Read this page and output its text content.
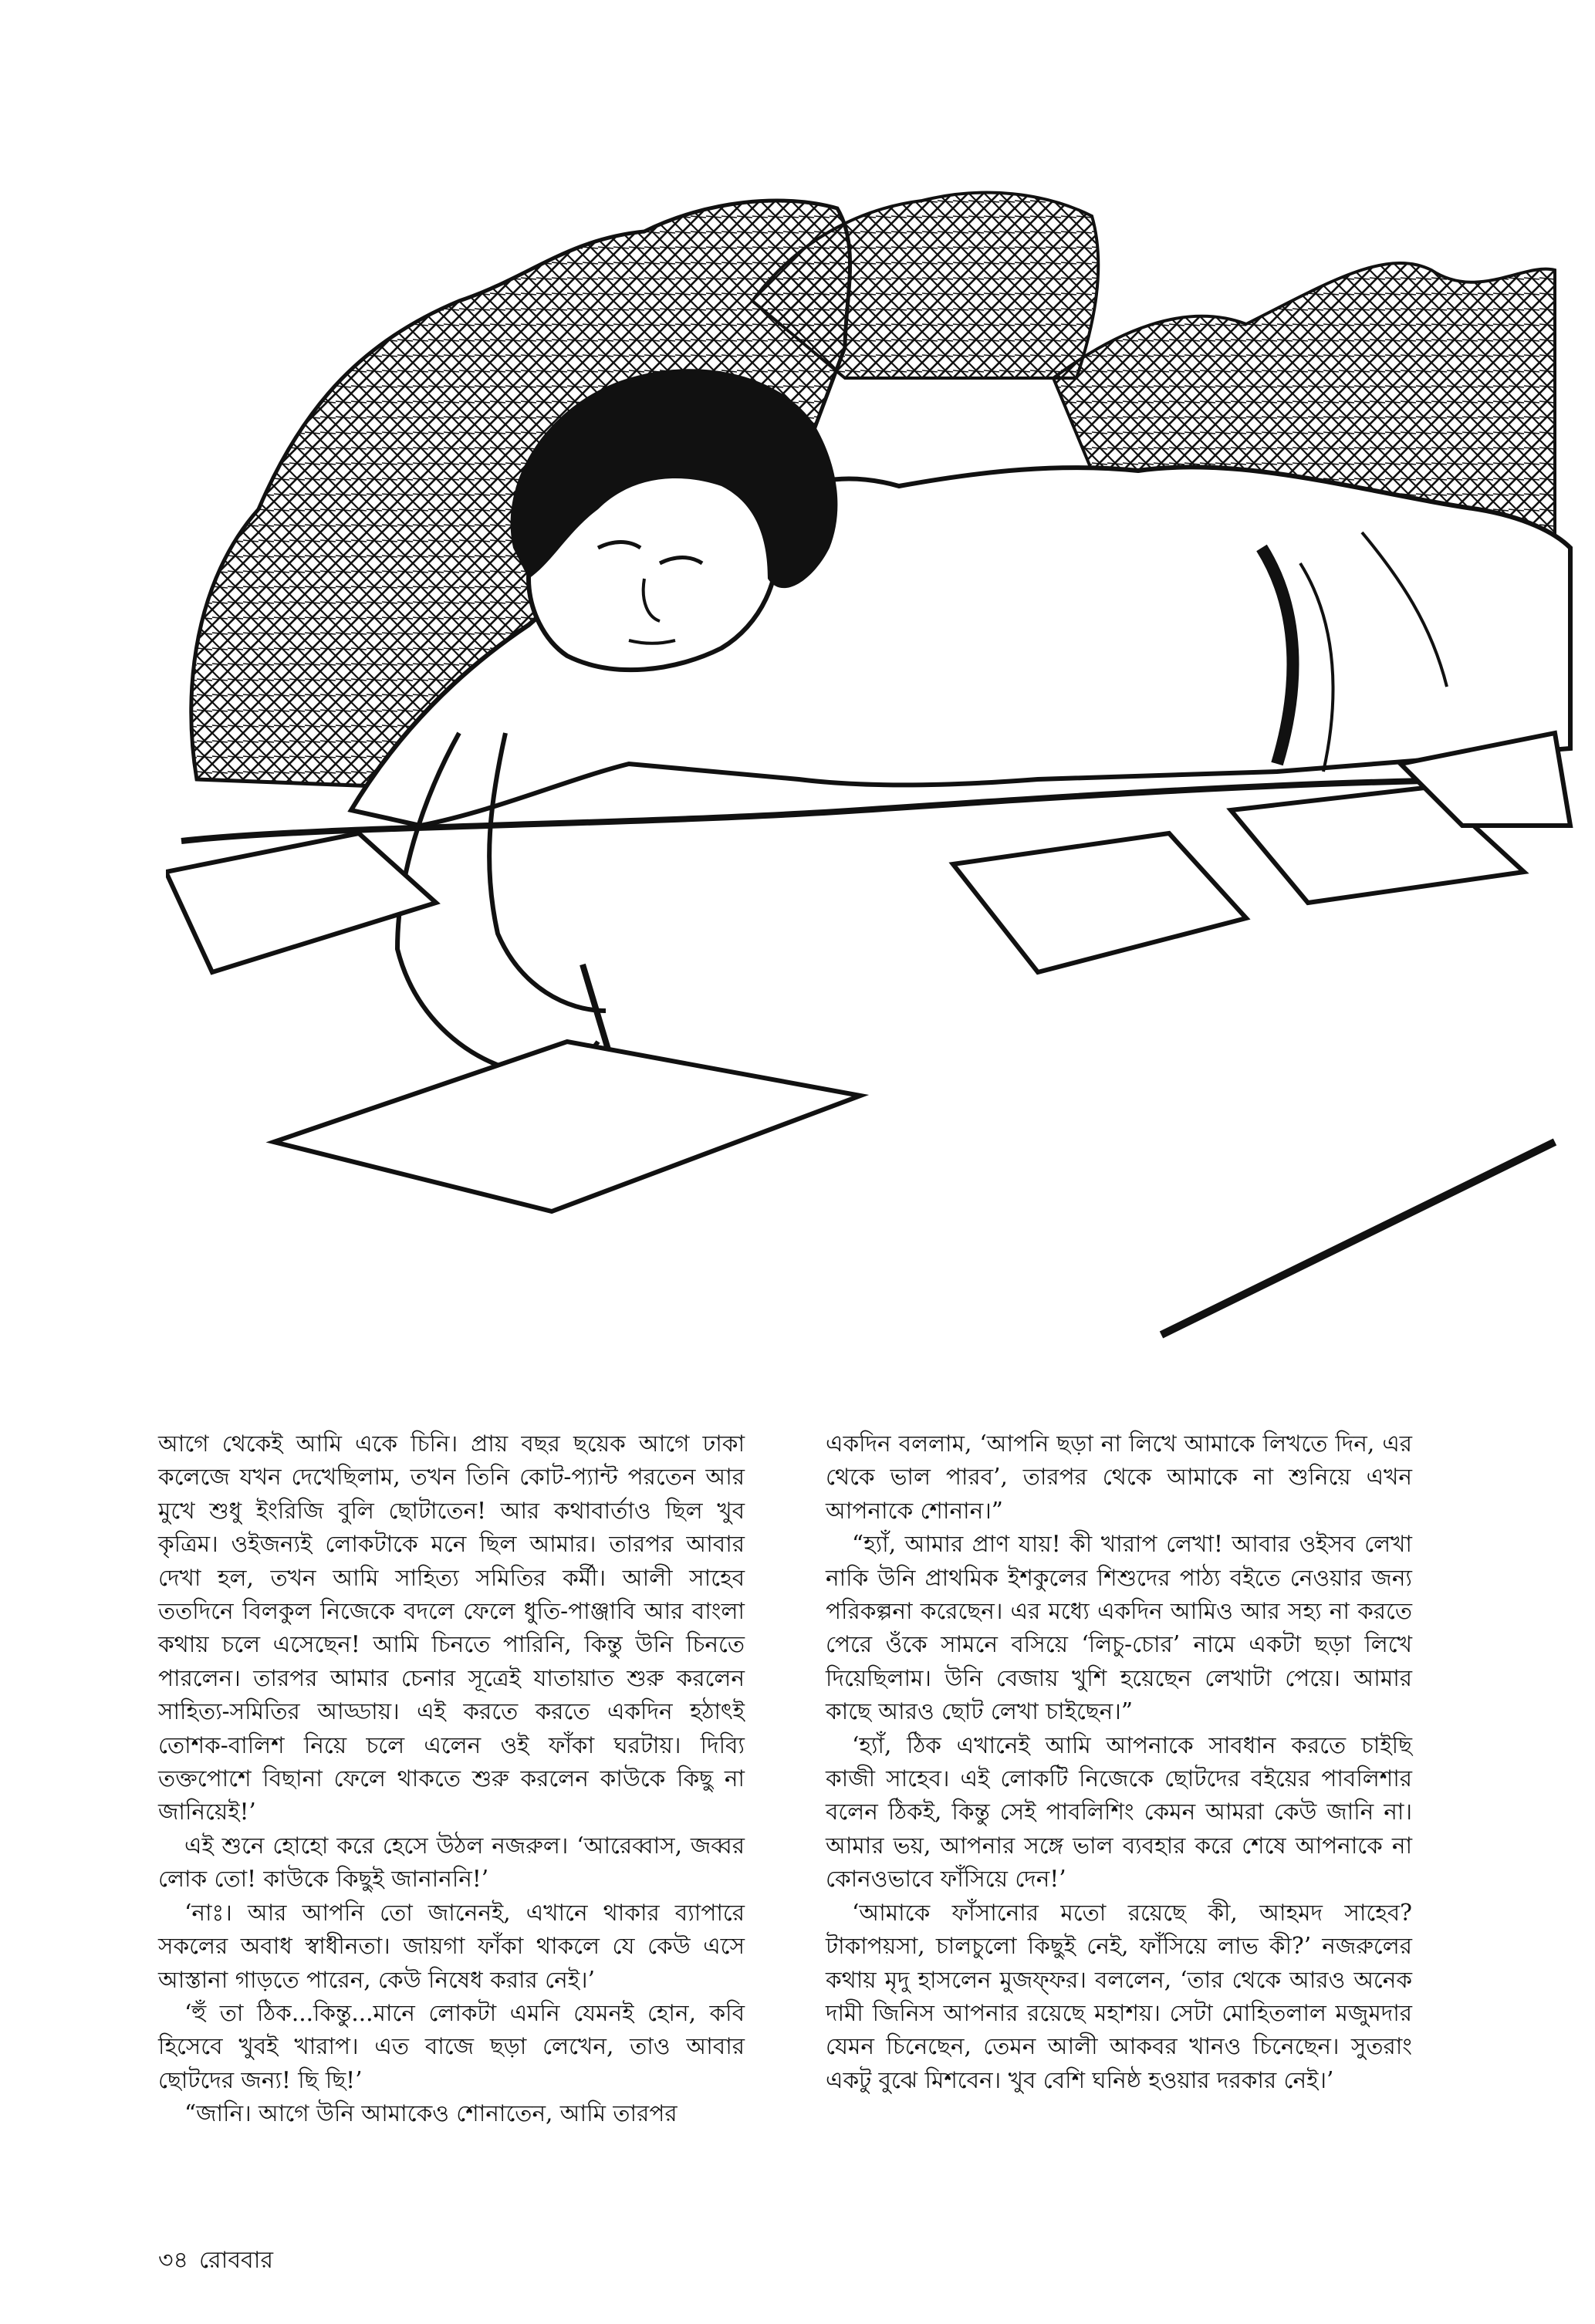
আগে থেকেই আমি একে চিনি। প্রায় বছর ছয়েক আগে ঢাকা কলেজে যখন দেখেছিলাম, তখন তিনি কোট-প্যান্ট পরতেন আর মুখে শুধু ইংরিজি বুলি ছোটাতেন! আর কথাবার্তাও ছিল খুব কৃত্রিম। ওইজন্যই লোকটাকে মনে ছিল আমার। তারপর আবার দেখা হল, তখন আমি সাহিত্য সমিতির কর্মী। আলী সাহেব ততদিনে বিলকুল নিজেকে বদলে ফেলে ধুতি-পাঞ্জাবি আর বাংলা কথায় চলে এসেছেন! আমি চিনতে পারিনি, কিন্তু উনি চিনতে পারলেন। তারপর আমার চেনার সূত্রেই যাতায়াত শুরু করলেন সাহিত্য-সমিতির আড্ডায়। এই করতে করতে একদিন হঠাৎই তোশক-বালিশ নিয়ে চলে এলেন ওই ফাঁকা ঘরটায়। দিব্যি তক্তপোশে বিছানা ফেলে থাকতে শুরু করলেন কাউকে কিছু না জানিয়েই!’

এই শুনে হোহো করে হেসে উঠল নজরুল। ‘আরেব্বাস, জব্বর লোক তো! কাউকে কিছুই জানাননি!’

‘নাঃ। আর আপনি তো জানেনই, এখানে থাকার ব্যাপারে সকলের অবাধ স্বাধীনতা। জায়গা ফাঁকা থাকলে যে কেউ এসে আস্তানা গাড়তে পারেন, কেউ নিষেধ করার নেই।’

‘হুঁ তা ঠিক...কিন্তু...মানে লোকটা এমনি যেমনই হোন, কবি হিসেবে খুবই খারাপ। এত বাজে ছড়া লেখেন, তাও আবার ছোটদের জন্য! ছি ছি!’

“জানি। আগে উনি আমাকেও শোনাতেন, আমি তারপর

একদিন বললাম, ‘আপনি ছড়া না লিখে আমাকে লিখতে দিন, এর থেকে ভাল পারব’, তারপর থেকে আমাকে না শুনিয়ে এখন আপনাকে শোনান।”

“হ্যাঁ, আমার প্রাণ যায়! কী খারাপ লেখা! আবার ওইসব লেখা নাকি উনি প্রাথমিক ইশকুলের শিশুদের পাঠ্য বইতে নেওয়ার জন্য পরিকল্পনা করেছেন। এর মধ্যে একদিন আমিও আর সহ্য না করতে পেরে ওঁকে সামনে বসিয়ে ‘লিচু-চোর’ নামে একটা ছড়া লিখে দিয়েছিলাম। উনি বেজায় খুশি হয়েছেন লেখাটা পেয়ে। আমার কাছে আরও ছোট লেখা চাইছেন।”

‘হ্যাঁ, ঠিক এখানেই আমি আপনাকে সাবধান করতে চাইছি কাজী সাহেব। এই লোকটি নিজেকে ছোটদের বইয়ের পাবলিশার বলেন ঠিকই, কিন্তু সেই পাবলিশিং কেমন আমরা কেউ জানি না। আমার ভয়, আপনার সঙ্গে ভাল ব্যবহার করে শেষে আপনাকে না কোনওভাবে ফাঁসিয়ে দেন!’

‘আমাকে ফাঁসানোর মতো রয়েছে কী, আহমদ সাহেব? টাকাপয়সা, চালচুলো কিছুই নেই, ফাঁসিয়ে লাভ কী?’ নজরুলের কথায় মৃদু হাসলেন মুজফ্‌ফর। বললেন, ‘তার থেকে আরও অনেক দামী জিনিস আপনার রয়েছে মহাশয়। সেটা মোহিতলাল মজুমদার যেমন চিনেছেন, তেমন আলী আকবর খানও চিনেছেন। সুতরাং একটু বুঝে মিশবেন। খুব বেশি ঘনিষ্ঠ হওয়ার দরকার নেই।’

৩৪ রোববার
